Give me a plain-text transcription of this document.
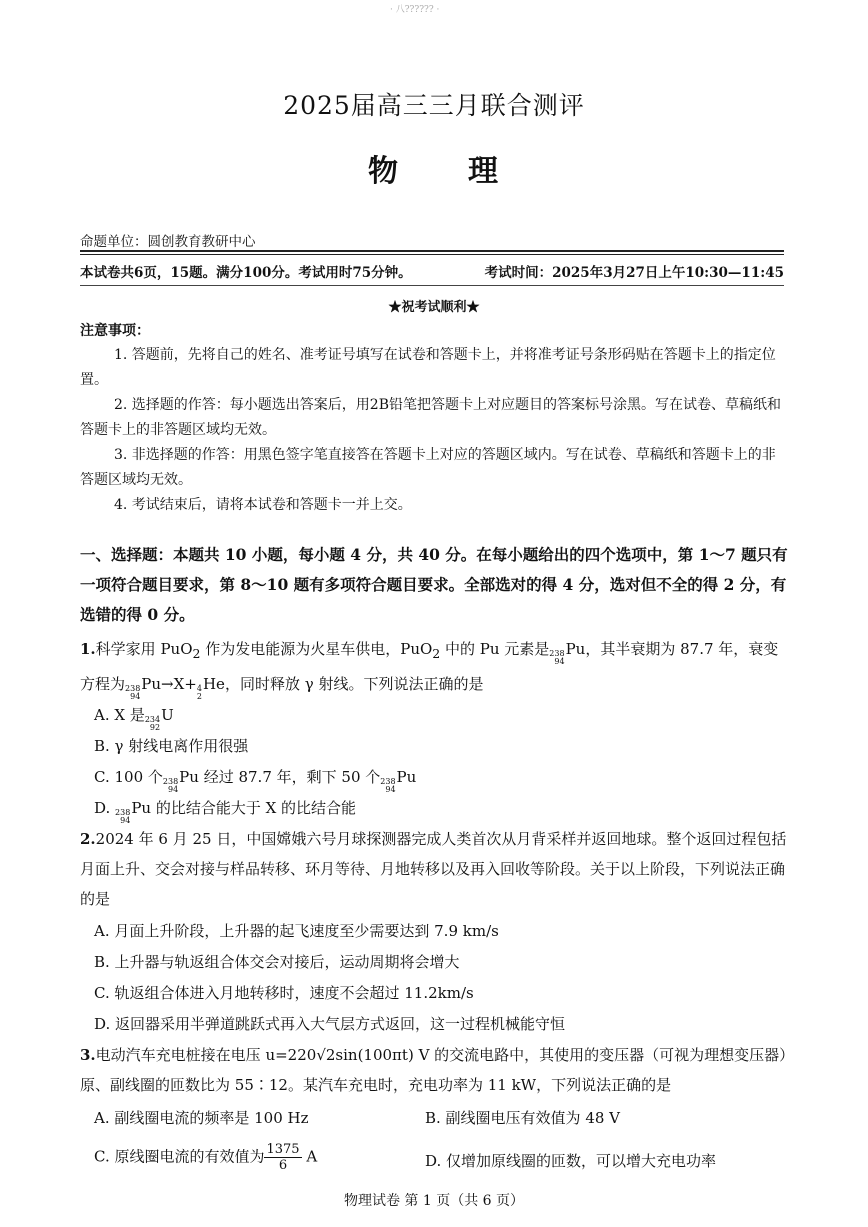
· 八?????? ·
2025届高三三月联合测评
物 理
命题单位：圆创教育教研中心
本试卷共6页，15题。满分100分。考试用时75分钟。	考试时间：2025年3月27日上午10:30—11:45
★祝考试顺利★
注意事项：
1. 答题前，先将自己的姓名、准考证号填写在试卷和答题卡上，并将准考证号条形码贴在答题卡上的指定位置。
2. 选择题的作答：每小题选出答案后，用2B铅笔把答题卡上对应题目的答案标号涂黑。写在试卷、草稿纸和答题卡上的非答题区域均无效。
3. 非选择题的作答：用黑色签字笔直接答在答题卡上对应的答题区域内。写在试卷、草稿纸和答题卡上的非答题区域均无效。
4. 考试结束后，请将本试卷和答题卡一并上交。
一、选择题：本题共 10 小题，每小题 4 分，共 40 分。在每小题给出的四个选项中，第 1～7 题只有一项符合题目要求，第 8～10 题有多项符合题目要求。全部选对的得 4 分，选对但不全的得 2 分，有选错的得 0 分。
1.科学家用 PuO$_2$ 作为发电能源为火星车供电，PuO$_2$ 中的 Pu 元素是 238
94
Pu，其半衰期为 87.7 年，衰变方程为 238
94
Pu→X+ 4
2
He，同时释放 γ 射线。下列说法正确的是
A. X 是 234
92
U
B. γ 射线电离作用很强
C. 100 个 238
94
Pu 经过 87.7 年，剩下 50 个 238
94
Pu
D. 238
94
Pu 的比结合能大于 X 的比结合能
2.2024 年 6 月 25 日，中国嫦娥六号月球探测器完成人类首次从月背采样并返回地球。整个返回过程包括月面上升、交会对接与样品转移、环月等待、月地转移以及再入回收等阶段。关于以上阶段，下列说法正确的是
A. 月面上升阶段，上升器的起飞速度至少需要达到 7.9 km/s
B. 上升器与轨返组合体交会对接后，运动周期将会增大
C. 轨返组合体进入月地转移时，速度不会超过 11.2km/s
D. 返回器采用半弹道跳跃式再入大气层方式返回，这一过程机械能守恒
3.电动汽车充电桩接在电压 u=220√2sin(100πt) V 的交流电路中，其使用的变压器（可视为理想变压器）原、副线圈的匝数比为 55∶12。某汽车充电时，充电功率为 11 kW，下列说法正确的是
A. 副线圈电流的频率是 100 Hz	B. 副线圈电压有效值为 48 V
C. 原线圈电流的有效值为 $\frac{1375}{6}$ A	D. 仅增加原线圈的匝数，可以增大充电功率
物理试卷 第 1 页（共 6 页）
